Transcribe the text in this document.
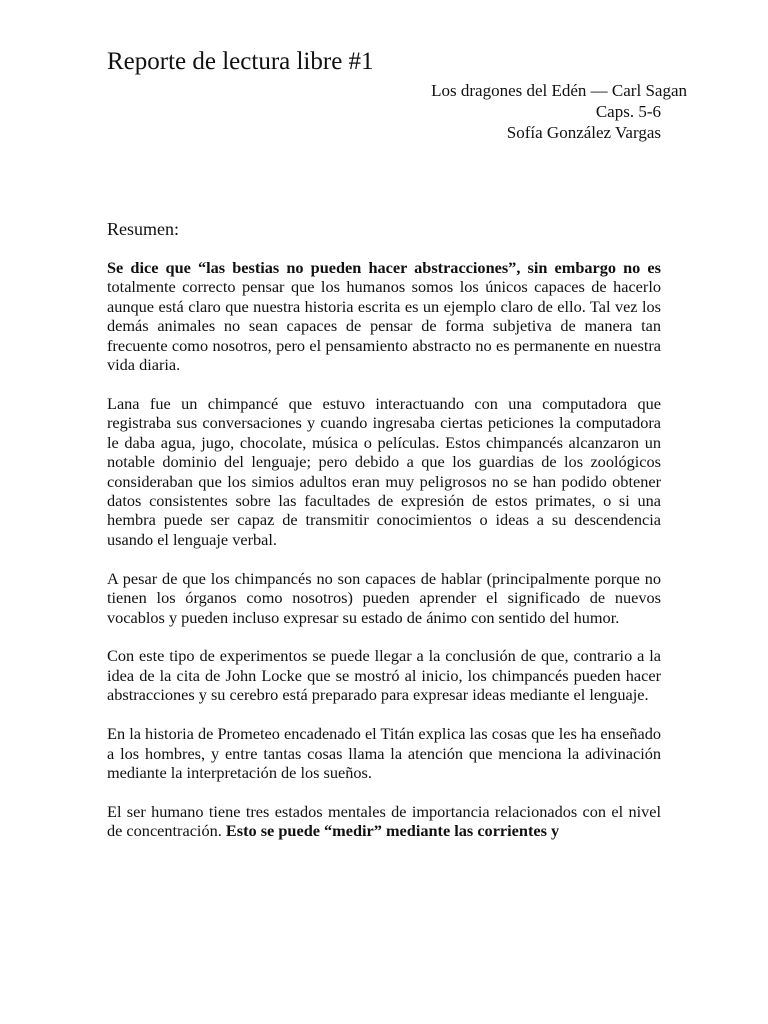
Reporte de lectura libre #1
Los dragones del Edén — Carl Sagan
Caps. 5-6
Sofía González Vargas
Resumen:

Se dice que “las bestias no pueden hacer abstracciones”, sin embargo no es totalmente correcto pensar que los humanos somos los únicos capaces de hacerlo aunque está claro que nuestra historia escrita es un ejemplo claro de ello. Tal vez los demás animales no sean capaces de pensar de forma subjetiva de manera tan frecuente como nosotros, pero el pensamiento abstracto no es permanente en nuestra vida diaria.

Lana fue un chimpancé que estuvo interactuando con una computadora que registraba sus conversaciones y cuando ingresaba ciertas peticiones la computadora le daba agua, jugo, chocolate, música o películas. Estos chimpancés alcanzaron un notable dominio del lenguaje; pero debido a que los guardias de los zoológicos consideraban que los simios adultos eran muy peligrosos no se han podido obtener datos consistentes sobre las facultades de expresión de estos primates, o si una hembra puede ser capaz de transmitir conocimientos o ideas a su descendencia usando el lenguaje verbal.

A pesar de que los chimpancés no son capaces de hablar (principalmente porque no tienen los órganos como nosotros) pueden aprender el significado de nuevos vocablos y pueden incluso expresar su estado de ánimo con sentido del humor.

Con este tipo de experimentos se puede llegar a la conclusión de que, contrario a la idea de la cita de John Locke que se mostró al inicio, los chimpancés pueden hacer abstracciones y su cerebro está preparado para expresar ideas mediante el lenguaje.

En la historia de Prometeo encadenado el Titán explica las cosas que les ha enseñado a los hombres, y entre tantas cosas llama la atención que menciona la adivinación mediante la interpretación de los sueños.

El ser humano tiene tres estados mentales de importancia relacionados con el nivel de concentración. Esto se puede “medir” mediante las corrientes y
